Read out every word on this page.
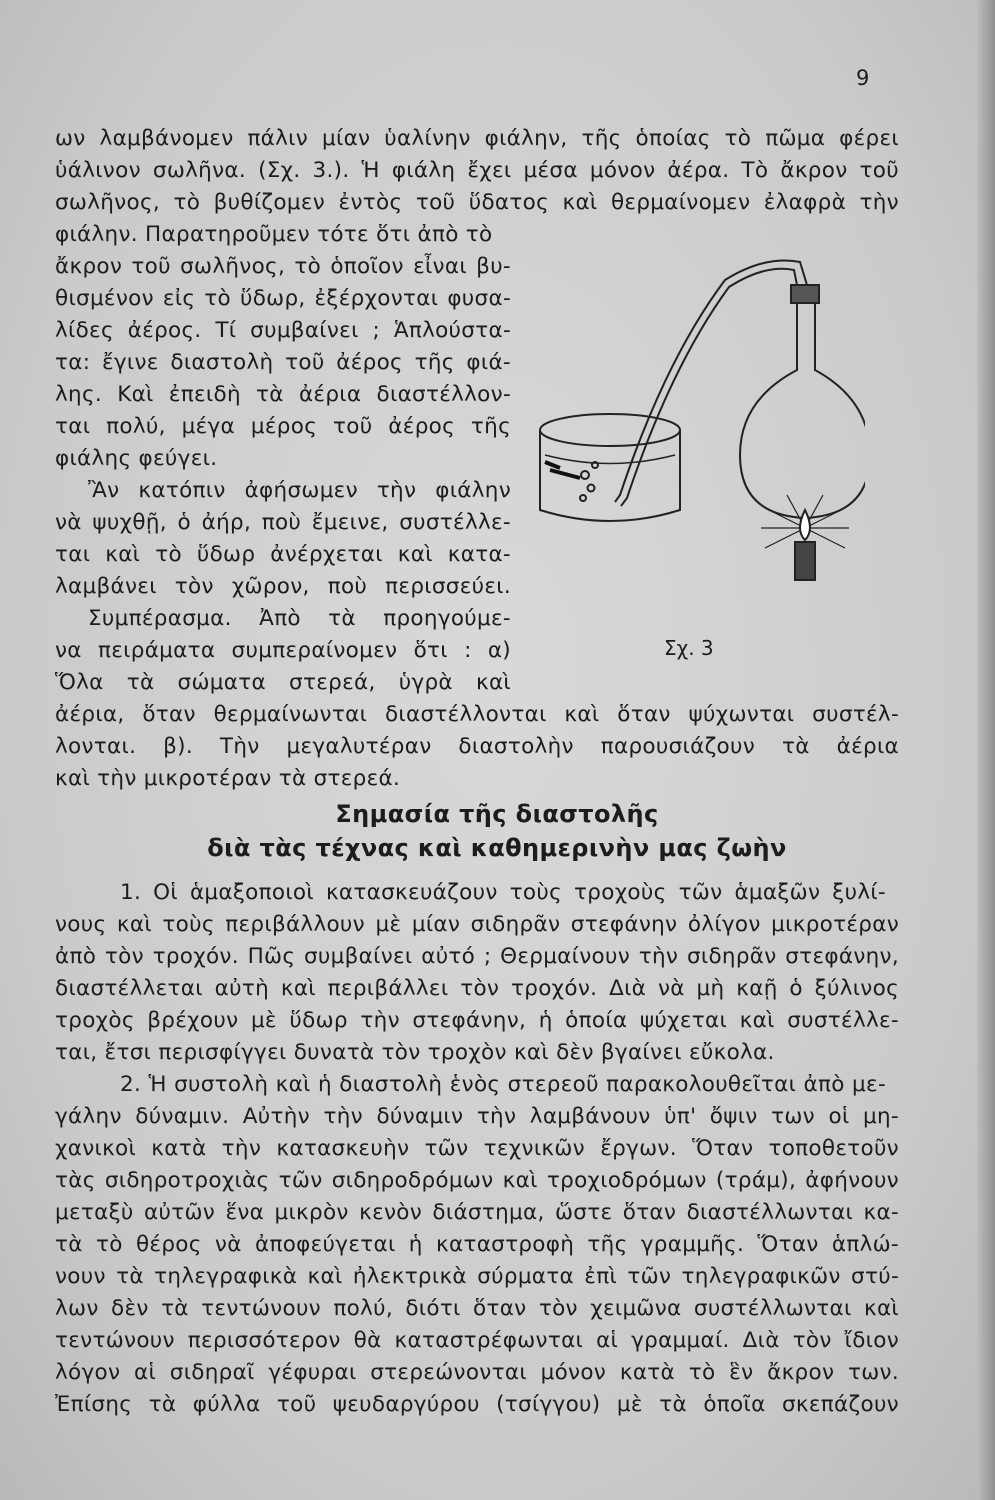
9

ων λαμβάνομεν πάλιν μίαν ὑαλίνην φιάλην, τῆς ὁποίας τὸ πῶμα φέρει

ὑάλινον σωλῆνα. (Σχ. 3.). Ἡ φιάλη ἔχει μέσα μόνον ἀέρα. Τὸ ἄκρον τοῦ

σωλῆνος, τὸ βυθίζομεν ἐντὸς τοῦ ὕδατος καὶ θερμαίνομεν ἐλαφρὰ τὴν

φιάλην. Παρατηροῦμεν τότε ὅτι ἀπὸ τὸ

ἄκρον τοῦ σωλῆνος, τὸ ὁποῖον εἶναι βυ-

θισμένον εἰς τὸ ὕδωρ, ἐξέρχονται φυσα-

λίδες ἀέρος. Τί συμβαίνει ; Ἁπλούστα-

τα: ἔγινε διαστολὴ τοῦ ἀέρος τῆς φιά-

λης. Καὶ ἐπειδὴ τὰ ἀέρια διαστέλλον-

ται πολύ, μέγα μέρος τοῦ ἀέρος τῆς

φιάλης φεύγει.

Ἂν κατόπιν ἀφήσωμεν τὴν φιάλην

νὰ ψυχθῇ, ὁ ἀήρ, ποὺ ἔμεινε, συστέλλε-

ται καὶ τὸ ὕδωρ ἀνέρχεται καὶ κατα-

λαμβάνει τὸν χῶρον, ποὺ περισσεύει.

Συμπέρασμα. Ἀπὸ τὰ προηγούμε-

να πειράματα συμπεραίνομεν ὅτι : α)

Ὅλα τὰ σώματα στερεά, ὑγρὰ καὶ

ἀέρια, ὅταν θερμαίνωνται διαστέλλονται καὶ ὅταν ψύχωνται συστέλ-

λονται. β). Τὴν μεγαλυτέραν διαστολὴν παρουσιάζουν τὰ ἀέρια

καὶ τὴν μικροτέραν τὰ στερεά.

Σχ. 3
Σημασία τῆς διαστολῆς
διὰ τὰς τέχνας καὶ καθημερινὴν μας ζωὴν

1. Οἱ ἁμαξοποιοὶ κατασκευάζουν τοὺς τροχοὺς τῶν ἁμαξῶν ξυλί-

νους καὶ τοὺς περιβάλλουν μὲ μίαν σιδηρᾶν στεφάνην ὀλίγον μικροτέραν

ἀπὸ τὸν τροχόν. Πῶς συμβαίνει αὐτό ; Θερμαίνουν τὴν σιδηρᾶν στεφάνην,

διαστέλλεται αὐτὴ καὶ περιβάλλει τὸν τροχόν. Διὰ νὰ μὴ καῇ ὁ ξύλινος

τροχὸς βρέχουν μὲ ὕδωρ τὴν στεφάνην, ἡ ὁποία ψύχεται καὶ συστέλλε-

ται, ἔτσι περισφίγγει δυνατὰ τὸν τροχὸν καὶ δὲν βγαίνει εὔκολα.

2. Ἡ συστολὴ καὶ ἡ διαστολὴ ἑνὸς στερεοῦ παρακολουθεῖται ἀπὸ με-

γάλην δύναμιν. Αὐτὴν τὴν δύναμιν τὴν λαμβάνουν ὑπ' ὄψιν των οἱ μη-

χανικοὶ κατὰ τὴν κατασκευὴν τῶν τεχνικῶν ἔργων. Ὅταν τοποθετοῦν

τὰς σιδηροτροχιὰς τῶν σιδηροδρόμων καὶ τροχιοδρόμων (τράμ), ἀφήνουν

μεταξὺ αὐτῶν ἕνα μικρὸν κενὸν διάστημα, ὥστε ὅταν διαστέλλωνται κα-

τὰ τὸ θέρος νὰ ἀποφεύγεται ἡ καταστροφὴ τῆς γραμμῆς. Ὅταν ἁπλώ-

νουν τὰ τηλεγραφικὰ καὶ ἠλεκτρικὰ σύρματα ἐπὶ τῶν τηλεγραφικῶν στύ-

λων δὲν τὰ τεντώνουν πολύ, διότι ὅταν τὸν χειμῶνα συστέλλωνται καὶ

τεντώνουν περισσότερον θὰ καταστρέφωνται αἱ γραμμαί. Διὰ τὸν ἴδιον

λόγον αἱ σιδηραῖ γέφυραι στερεώνονται μόνον κατὰ τὸ ἓν ἄκρον των.

Ἐπίσης τὰ φύλλα τοῦ ψευδαργύρου (τσίγγου) μὲ τὰ ὁποῖα σκεπάζουν
